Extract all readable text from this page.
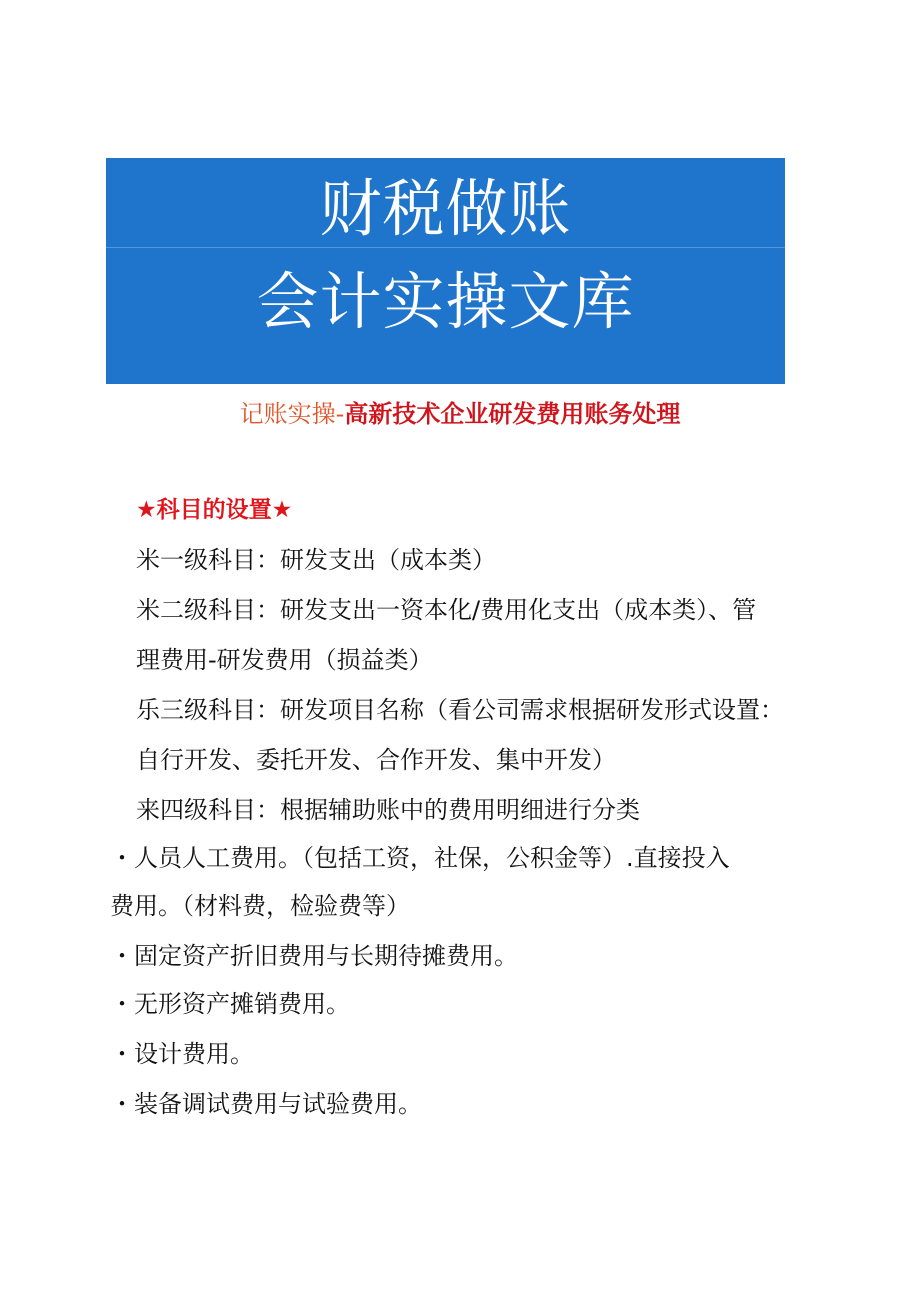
财税做账
会计实操文库
记账实操-高新技术企业研发费用账务处理
★科目的设置★
米一级科目：研发支出（成本类）
米二级科目：研发支出一资本化/费用化支出（成本类）、管
理费用-研发费用（损益类）
乐三级科目：研发项目名称（看公司需求根据研发形式设置：
自行开发、委托开发、合作开发、集中开发）
来四级科目：根据辅助账中的费用明细进行分类
・人员人工费用。（包括工资，社保，公积金等）.直接投入
费用。（材料费，检验费等）
・固定资产折旧费用与长期待摊费用。
・无形资产摊销费用。
・设计费用。
・装备调试费用与试验费用。
